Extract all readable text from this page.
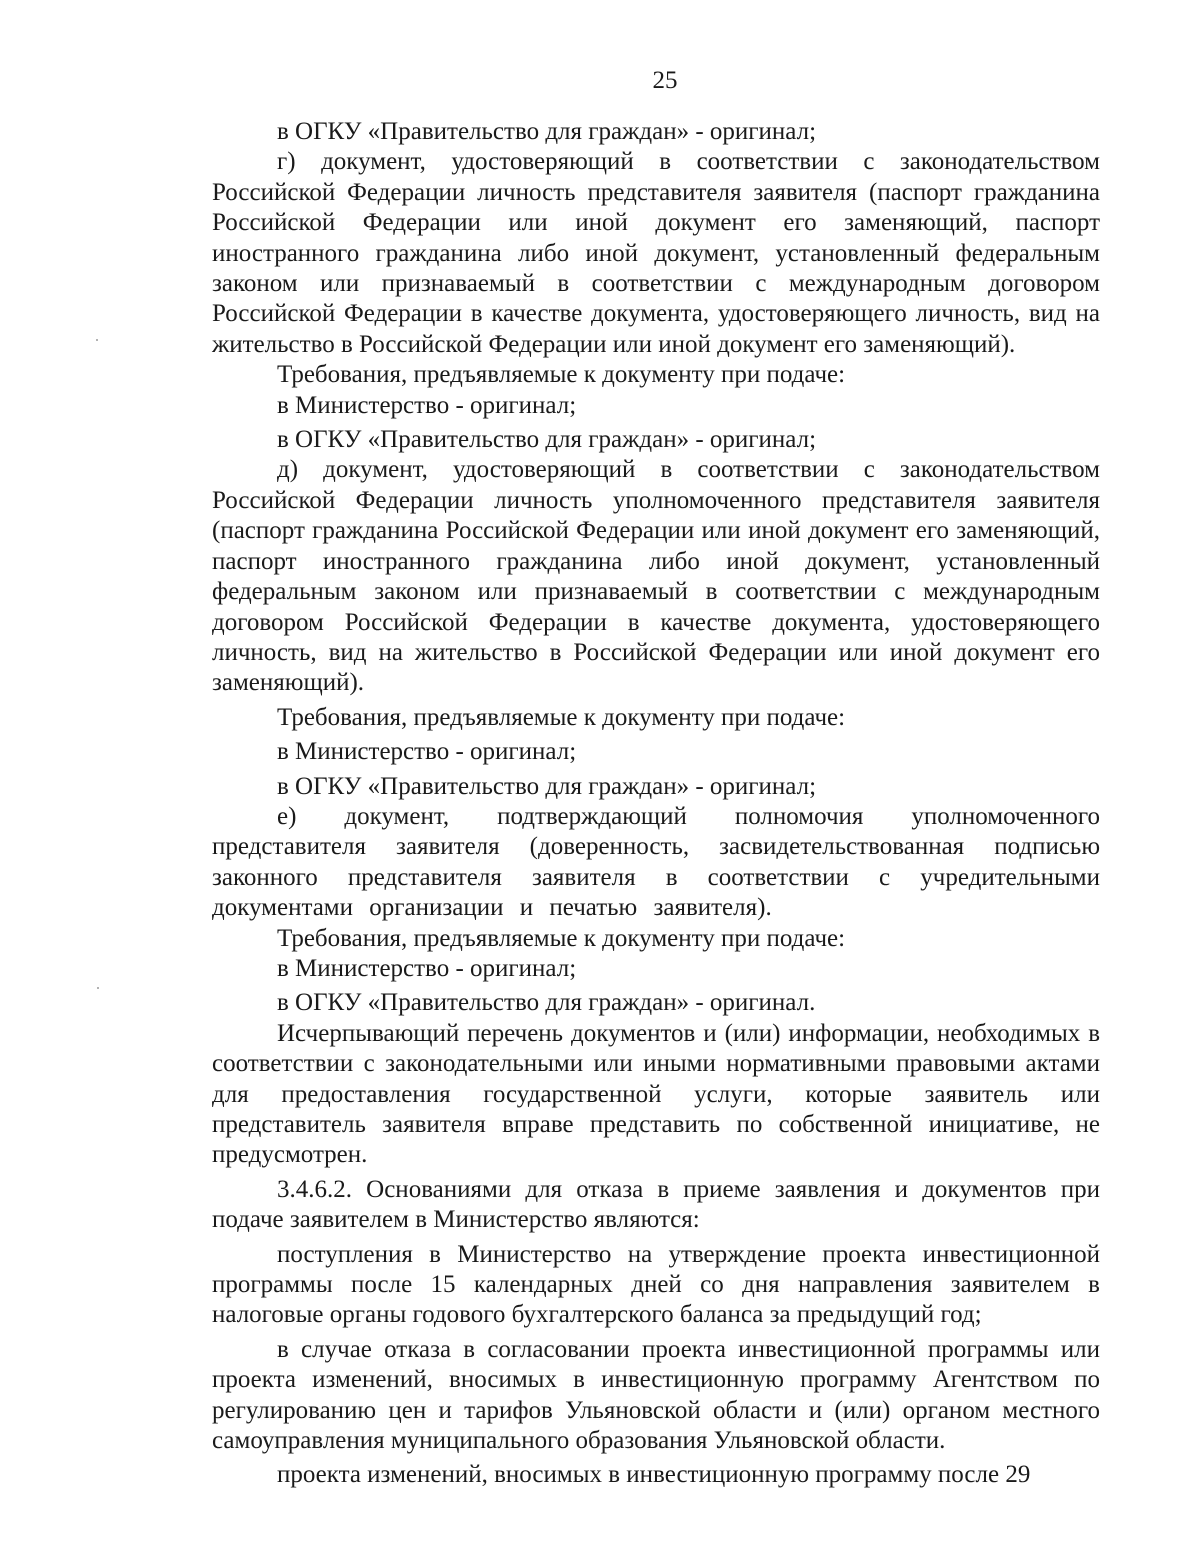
25

в ОГКУ «Правительство для граждан» - оригинал;

г) документ, удостоверяющий в соответствии с законодательством Российской Федерации личность представителя заявителя (паспорт гражданина Российской Федерации или иной документ его заменяющий, паспорт иностранного гражданина либо иной документ, установленный федеральным законом или признаваемый в соответствии с международным договором Российской Федерации в качестве документа, удостоверяющего личность, вид на жительство в Российской Федерации или иной документ его заменяющий).

Требования, предъявляемые к документу при подаче:

в Министерство - оригинал;

в ОГКУ «Правительство для граждан» - оригинал;

д) документ, удостоверяющий в соответствии с законодательством Российской Федерации личность уполномоченного представителя заявителя (паспорт гражданина Российской Федерации или иной документ его заменяющий, паспорт иностранного гражданина либо иной документ, установленный федеральным законом или признаваемый в соответствии с международным договором Российской Федерации в качестве документа, удостоверяющего личность, вид на жительство в Российской Федерации или иной документ его заменяющий).

Требования, предъявляемые к документу при подаче:

в Министерство - оригинал;

в ОГКУ «Правительство для граждан» - оригинал;

е) документ, подтверждающий полномочия уполномоченного представителя заявителя (доверенность, засвидетельствованная подписью законного представителя заявителя в соответствии с учредительными документами организации и печатью заявителя).

Требования, предъявляемые к документу при подаче:

в Министерство - оригинал;

в ОГКУ «Правительство для граждан» - оригинал.

Исчерпывающий перечень документов и (или) информации, необходимых в соответствии с законодательными или иными нормативными правовыми актами для предоставления государственной услуги, которые заявитель или представитель заявителя вправе представить по собственной инициативе, не предусмотрен.

3.4.6.2. Основаниями для отказа в приеме заявления и документов при подаче заявителем в Министерство являются:

поступления в Министерство на утверждение проекта инвестиционной программы после 15 календарных дней со дня направления заявителем в налоговые органы годового бухгалтерского баланса за предыдущий год;

в случае отказа в согласовании проекта инвестиционной программы или проекта изменений, вносимых в инвестиционную программу Агентством по регулированию цен и тарифов Ульяновской области и (или) органом местного самоуправления муниципального образования Ульяновской области.

проекта изменений, вносимых в инвестиционную программу после 29
